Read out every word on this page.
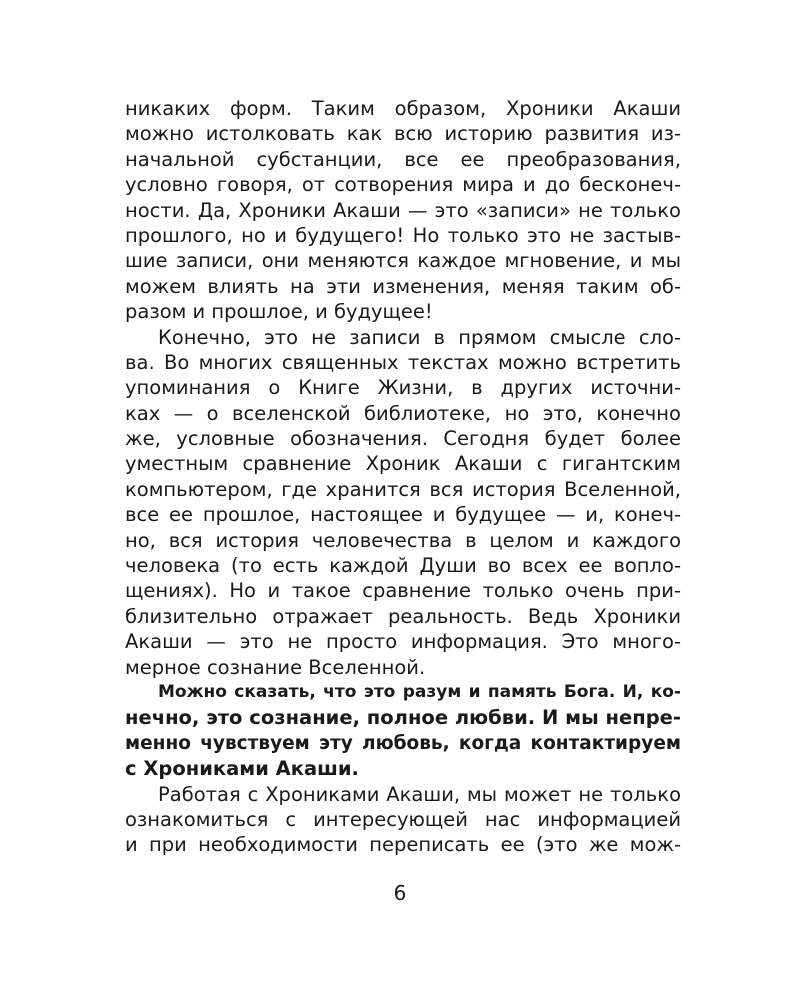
никаких форм. Таким образом, Хроники Акаши
можно истолковать как всю историю развития из-
начальной субстанции, все ее преобразования,
условно говоря, от сотворения мира и до бесконеч-
ности. Да, Хроники Акаши — это «записи» не только
прошлого, но и будущего! Но только это не застыв-
шие записи, они меняются каждое мгновение, и мы
можем влиять на эти изменения, меняя таким об-
разом и прошлое, и будущее!
Конечно, это не записи в прямом смысле сло-
ва. Во многих священных текстах можно встретить
упоминания о Книге Жизни, в других источни-
ках — о вселенской библиотеке, но это, конечно
же, условные обозначения. Сегодня будет более
уместным сравнение Хроник Акаши с гигантским
компьютером, где хранится вся история Вселенной,
все ее прошлое, настоящее и будущее — и, конеч-
но, вся история человечества в целом и каждого
человека (то есть каждой Души во всех ее вопло-
щениях). Но и такое сравнение только очень при-
близительно отражает реальность. Ведь Хроники
Акаши — это не просто информация. Это много-
мерное сознание Вселенной.
Можно сказать, что это разум и память Бога. И, ко-
нечно, это сознание, полное любви. И мы непре-
менно чувствуем эту любовь, когда контактируем
с Хрониками Акаши.
Работая с Хрониками Акаши, мы может не только
ознакомиться с интересующей нас информацией
и при необходимости переписать ее (это же мож-
6
